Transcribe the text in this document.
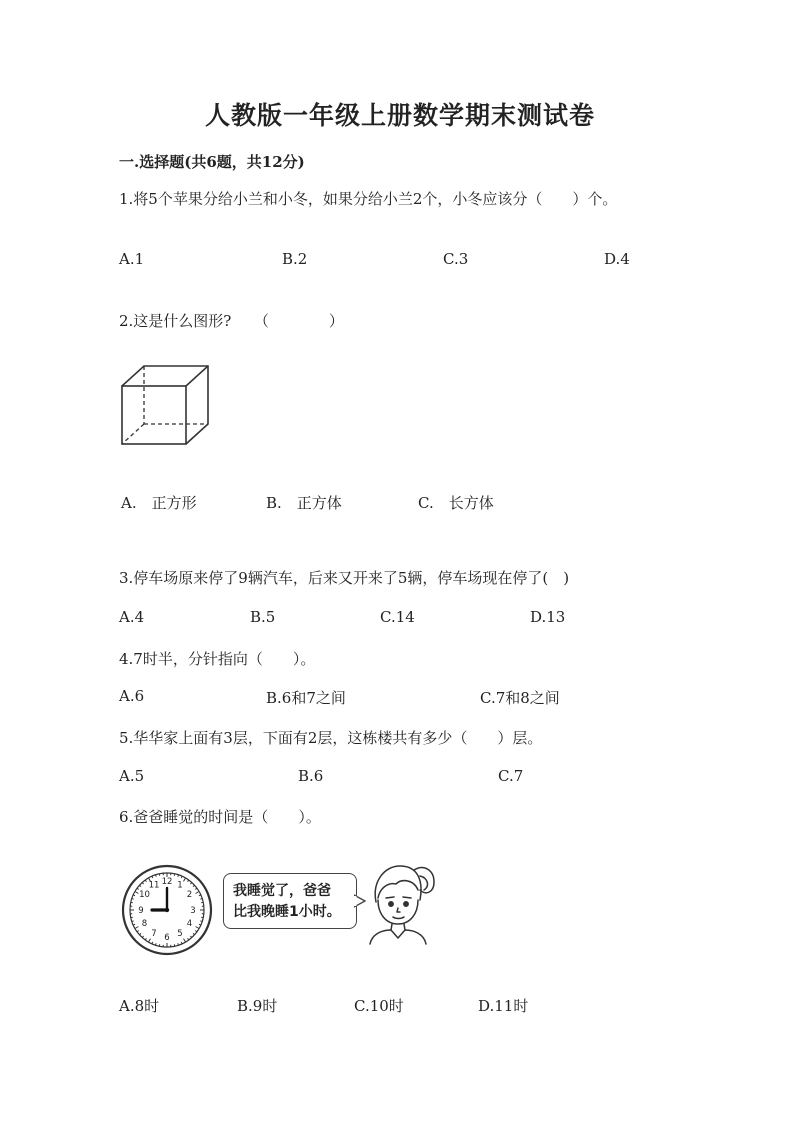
人教版一年级上册数学期末测试卷
一.选择题(共6题，共12分)
1.将5个苹果分给小兰和小冬，如果分给小兰2个，小冬应该分（　　）个。
A.1	B.2	C.3	D.4
2.这是什么图形?　　（　　　　）
A.　正方形	B.　正方体	C.　长方体
3.停车场原来停了9辆汽车，后来又开来了5辆，停车场现在停了(　)
A.4	B.5	C.14	D.13
4.7时半，分针指向（　　）。
A.6	B.6和7之间	C.7和8之间
5.华华家上面有3层，下面有2层，这栋楼共有多少（　　）层。
A.5	B.6	C.7
6.爸爸睡觉的时间是（　　）。
12 1
2
3
4
5
6
7
8
9
10
11	我睡觉了，爸爸
比我晚睡1小时。
A.8时	B.9时	C.10时	D.11时
